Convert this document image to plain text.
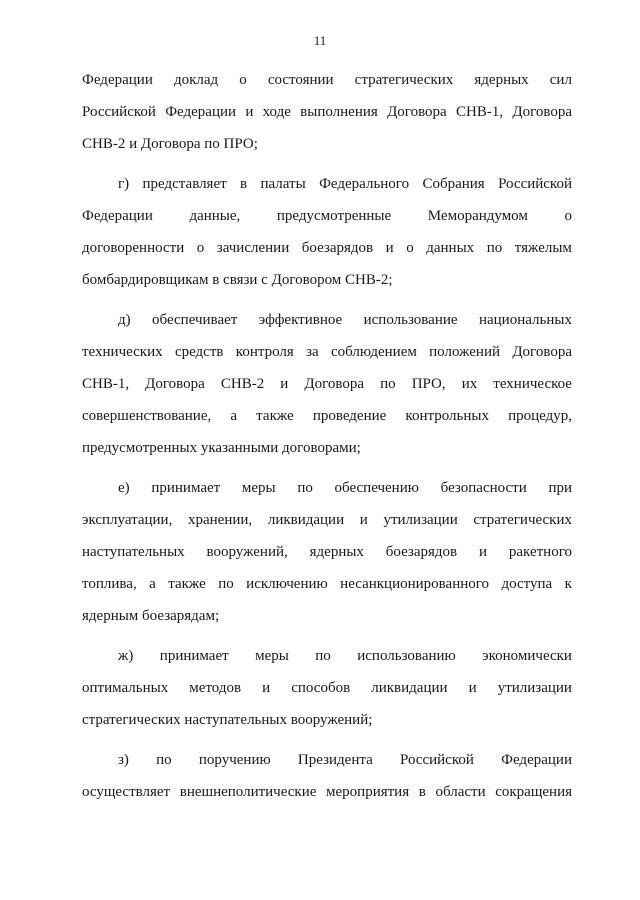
11
Федерации доклад о состоянии стратегических ядерных сил
Российской Федерации и ходе выполнения Договора СНВ-1, Договора
СНВ-2 и Договора по ПРО;
г) представляет в палаты Федерального Собрания Российской
Федерации данные, предусмотренные Меморандумом о
договоренности о зачислении боезарядов и о данных по тяжелым
бомбардировщикам в связи с Договором СНВ-2;
д) обеспечивает эффективное использование национальных
технических средств контроля за соблюдением положений Договора
СНВ-1, Договора СНВ-2 и Договора по ПРО, их техническое
совершенствование, а также проведение контрольных процедур,
предусмотренных указанными договорами;
е) принимает меры по обеспечению безопасности при
эксплуатации, хранении, ликвидации и утилизации стратегических
наступательных вооружений, ядерных боезарядов и ракетного
топлива, а также по исключению несанкционированного доступа к
ядерным боезарядам;
ж) принимает меры по использованию экономически
оптимальных методов и способов ликвидации и утилизации
стратегических наступательных вооружений;
з) по поручению Президента Российской Федерации
осуществляет внешнеполитические мероприятия в области сокращения
